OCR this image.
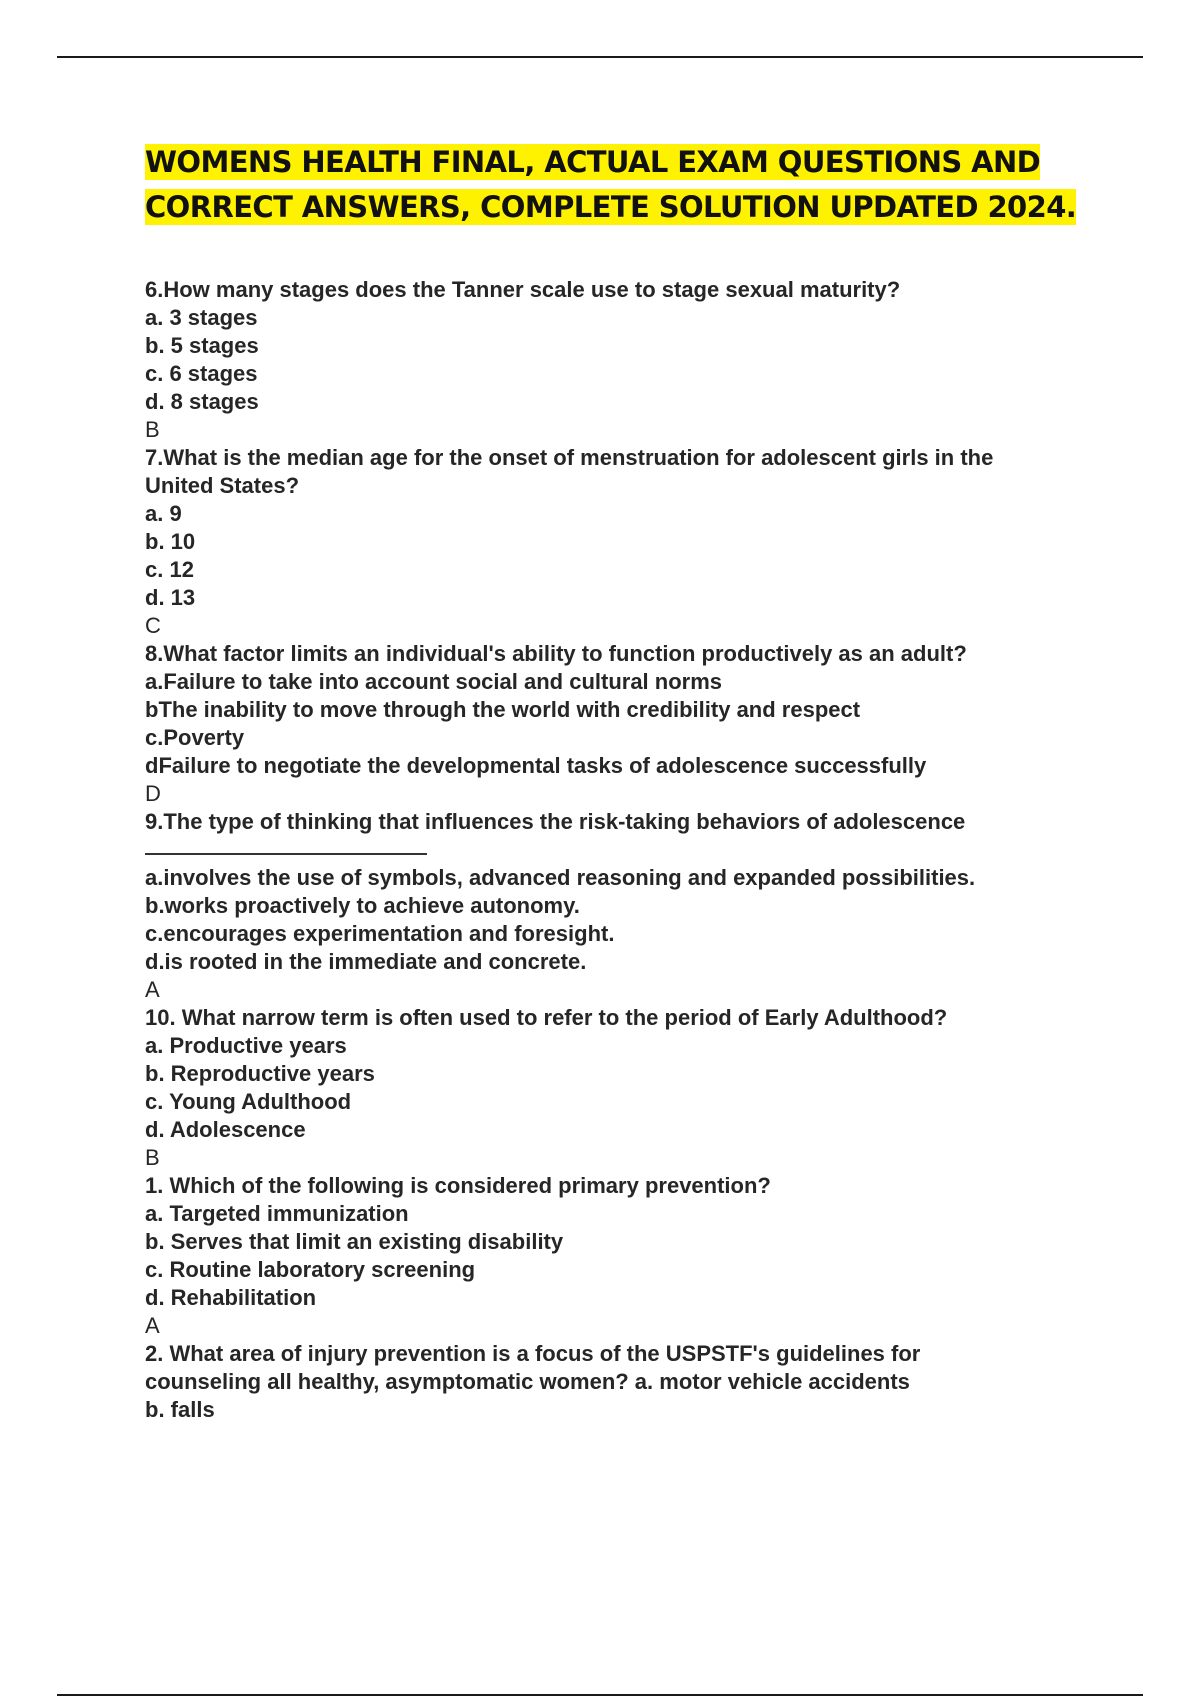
WOMENS HEALTH FINAL, ACTUAL EXAM QUESTIONS AND CORRECT ANSWERS, COMPLETE SOLUTION UPDATED 2024.
6.How many stages does the Tanner scale use to stage sexual maturity?
a. 3 stages
b. 5 stages
c. 6 stages
d. 8 stages
B
7.What is the median age for the onset of menstruation for adolescent girls in the
United States?
a. 9
b. 10
c. 12
d. 13
C
8.What factor limits an individual's ability to function productively as an adult?
a.Failure to take into account social and cultural norms
bThe inability to move through the world with credibility and respect
c.Poverty
dFailure to negotiate the developmental tasks of adolescence successfully
D
9.The type of thinking that influences the risk-taking behaviors of adolescence
a.involves the use of symbols, advanced reasoning and expanded possibilities.
b.works proactively to achieve autonomy.
c.encourages experimentation and foresight.
d.is rooted in the immediate and concrete.
A
10. What narrow term is often used to refer to the period of Early Adulthood?
a. Productive years
b. Reproductive years
c. Young Adulthood
d. Adolescence
B
1. Which of the following is considered primary prevention?
a. Targeted immunization
b. Serves that limit an existing disability
c. Routine laboratory screening
d. Rehabilitation
A
2. What area of injury prevention is a focus of the USPSTF's guidelines for
counseling all healthy, asymptomatic women? a. motor vehicle accidents
b. falls
